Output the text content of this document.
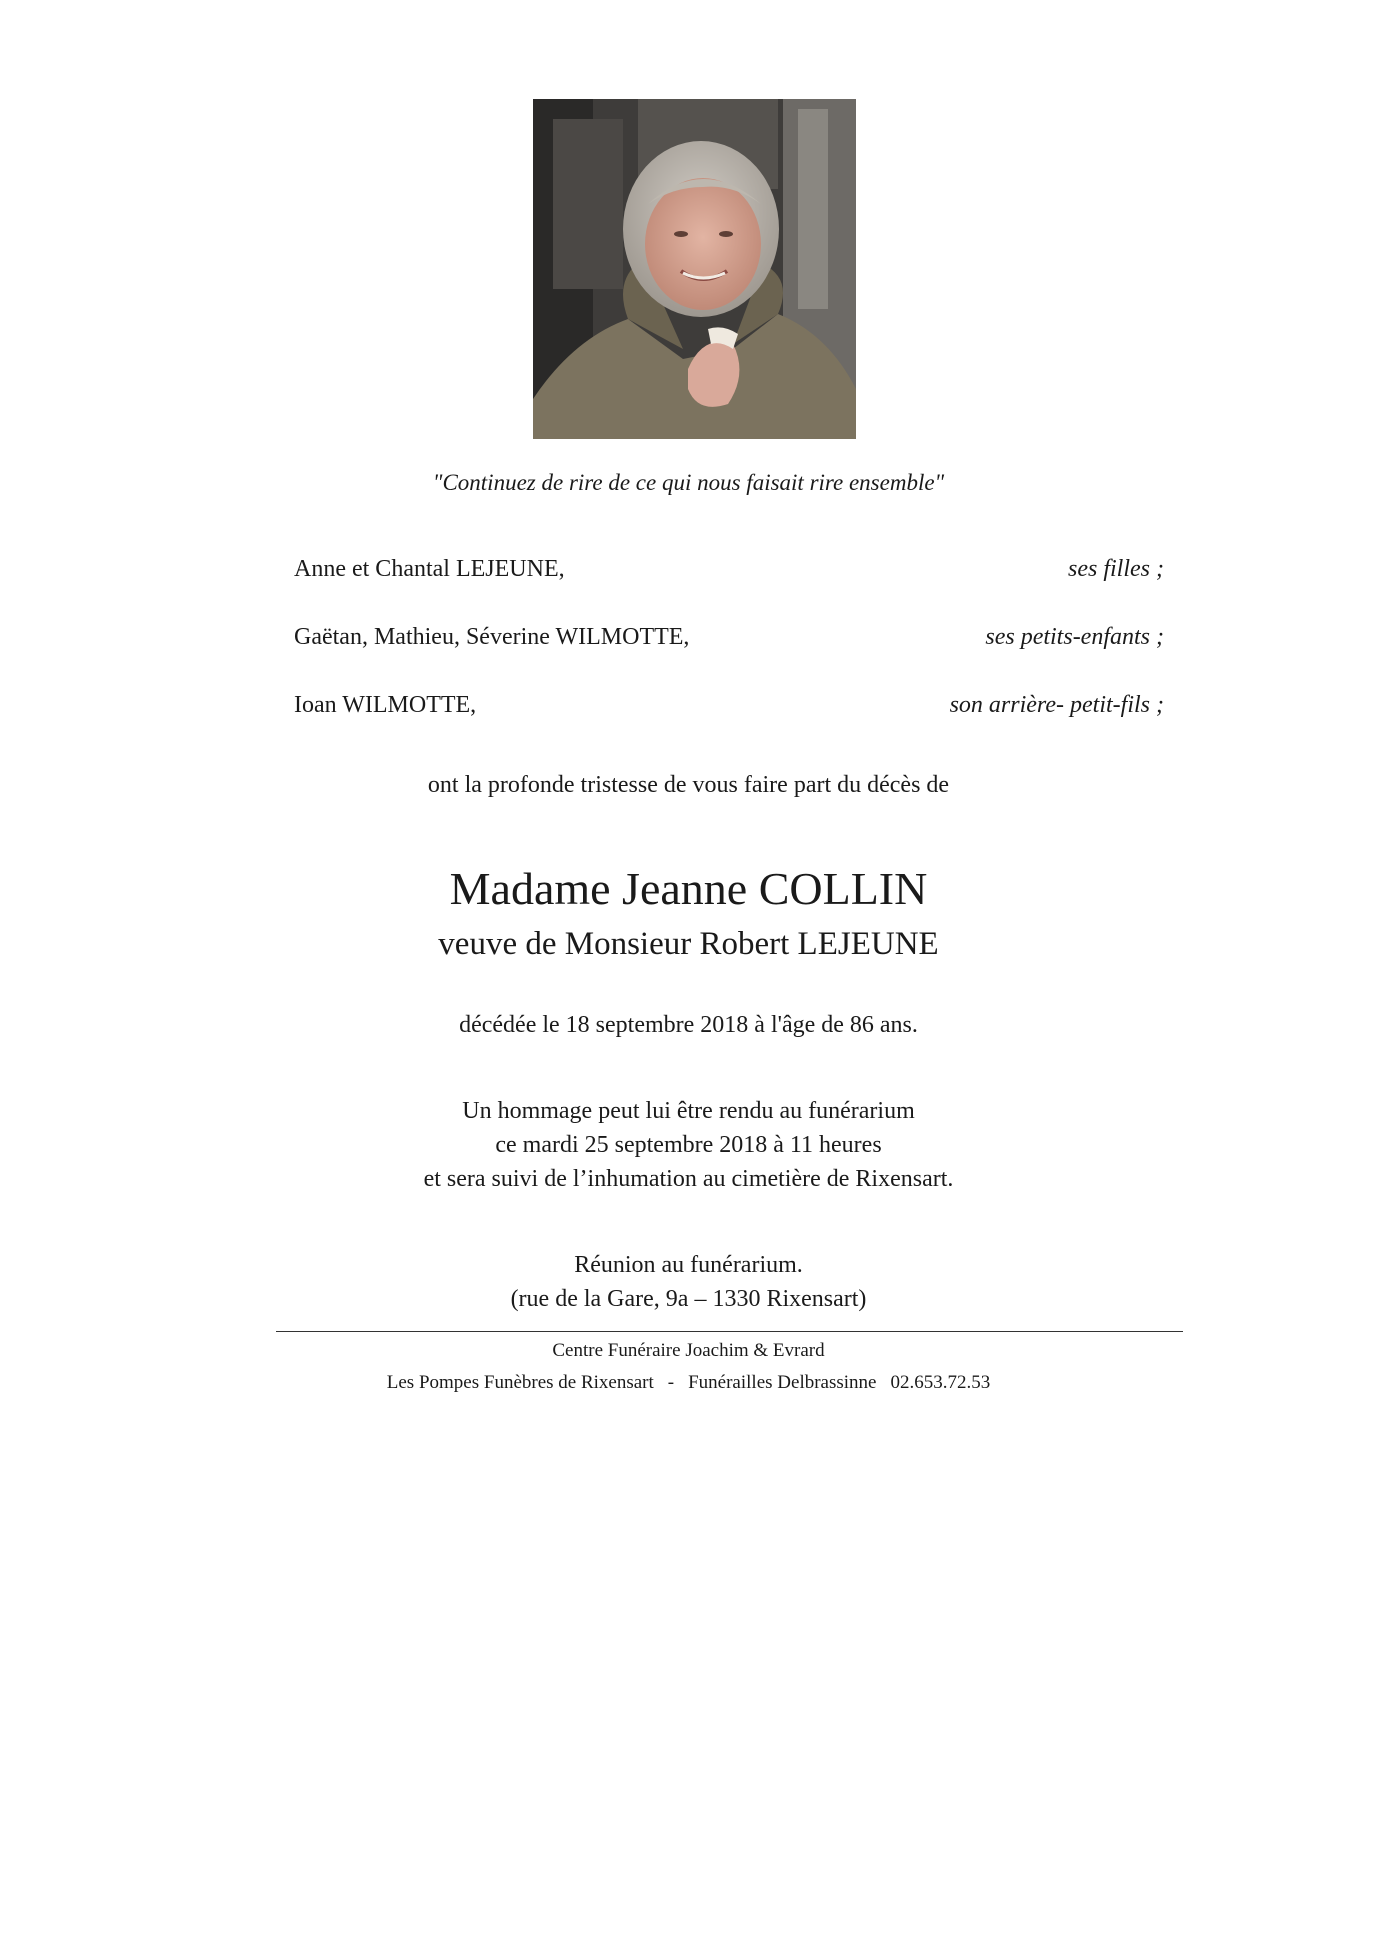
"Continuez de rire de ce qui nous faisait rire ensemble"
Anne et Chantal LEJEUNE,	ses filles ;
Gaëtan, Mathieu, Séverine WILMOTTE,	ses petits-enfants ;
Ioan WILMOTTE,	son arrière- petit-fils ;
ont la profonde tristesse de vous faire part du décès de
Madame Jeanne COLLIN
veuve de Monsieur Robert LEJEUNE
décédée le 18 septembre 2018 à l'âge de 86 ans.
Un hommage peut lui être rendu au funérarium
ce mardi 25 septembre 2018 à 11 heures
et sera suivi de l’inhumation au cimetière de Rixensart.
Réunion au funérarium.
(rue de la Gare, 9a – 1330 Rixensart)
Centre Funéraire Joachim & Evrard
Les Pompes Funèbres de Rixensart - Funérailles Delbrassinne 02.653.72.53
